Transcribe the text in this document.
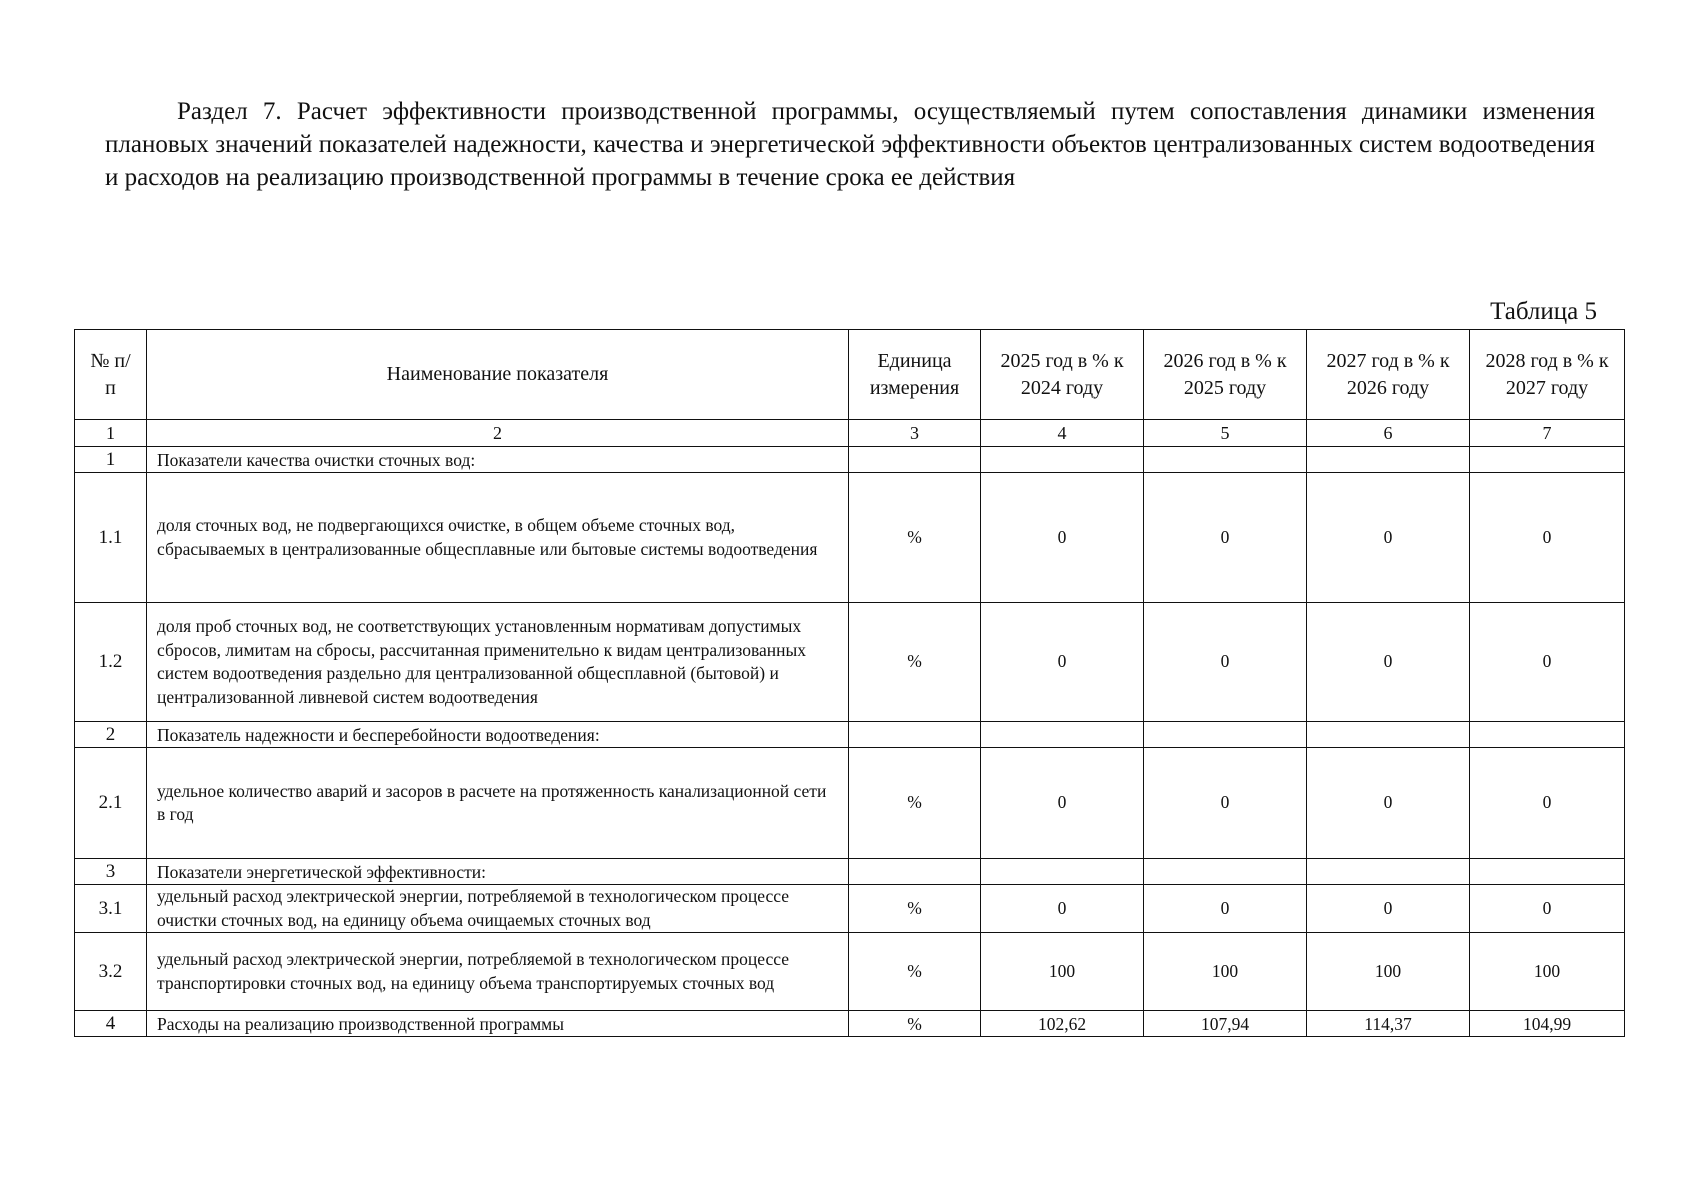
Раздел 7. Расчет эффективности производственной программы, осуществляемый путем сопоставления динамики изменения плановых значений показателей надежности, качества и энергетической эффективности объектов централизованных систем водоотведения и расходов на реализацию производственной программы в течение срока ее действия
Таблица 5
№ п/п	Наименование показателя	Единица измерения	2025 год в % к 2024 году	2026 год в % к 2025 году	2027 год в % к 2026 году	2028 год в % к 2027 году
1	2	3	4	5	6	7
1	Показатели качества очистки сточных вод:					
1.1	доля сточных вод, не подвергающихся очистке, в общем объеме сточных вод, сбрасываемых в централизованные общесплавные или бытовые системы водоотведения	%	0	0	0	0
1.2	доля проб сточных вод, не соответствующих установленным нормативам допустимых сбросов, лимитам на сбросы, рассчитанная применительно к видам централизованных систем водоотведения раздельно для централизованной общесплавной (бытовой) и централизованной ливневой систем водоотведения	%	0	0	0	0
2	Показатель надежности и бесперебойности водоотведения:					
2.1	удельное количество аварий и засоров в расчете на протяженность канализационной сети в год	%	0	0	0	0
3	Показатели энергетической эффективности:					
3.1	удельный расход электрической энергии, потребляемой в технологическом процессе очистки сточных вод, на единицу объема очищаемых сточных вод	%	0	0	0	0
3.2	удельный расход электрической энергии, потребляемой в технологическом процессе транспортировки сточных вод, на единицу объема транспортируемых сточных вод	%	100	100	100	100
4	Расходы на реализацию производственной программы	%	102,62	107,94	114,37	104,99
